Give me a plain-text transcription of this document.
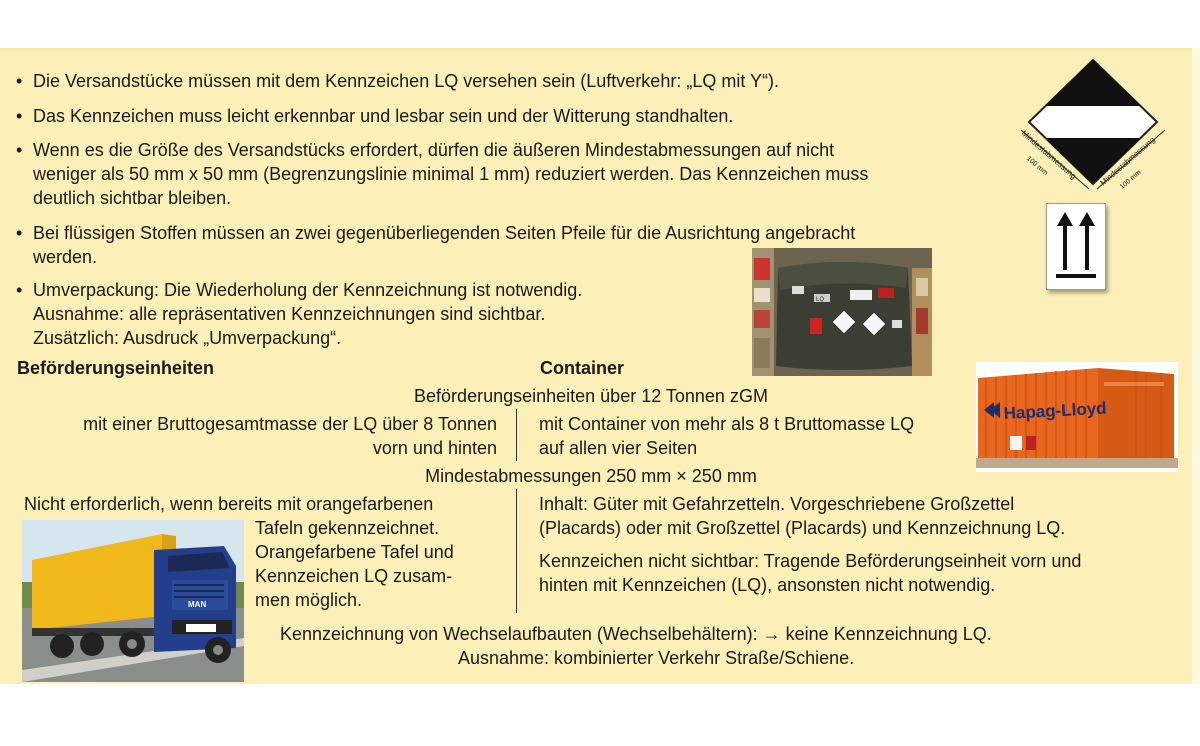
• Die Versandstücke müssen mit dem Kennzeichen LQ versehen sein (Luftverkehr: „LQ mit Y“).
• Das Kennzeichen muss leicht erkennbar und lesbar sein und der Witterung standhalten.
• Wenn es die Größe des Versandstücks erfordert, dürfen die äußeren Mindestabmessungen auf nicht
weniger als 50 mm x 50 mm (Begrenzungslinie minimal 1 mm) reduziert werden. Das Kennzeichen muss
deutlich sichtbar bleiben.
• Bei flüssigen Stoffen müssen an zwei gegenüberliegenden Seiten Pfeile für die Ausrichtung angebracht
werden.
• Umverpackung: Die Wiederholung der Kennzeichnung ist notwendig.
Ausnahme: alle repräsentativen Kennzeichnungen sind sichtbar.
Zusätzlich: Ausdruck „Umverpackung“.
Mindestabmessung
Mindestabmessung
100 mm
100 mm
LQ
Beförderungseinheiten	Container
Hapag-Lloyd
Beförderungseinheiten über 12 Tonnen zGM
mit einer Bruttogesamtmasse der LQ über 8 Tonnen
vorn und hinten
mit Container von mehr als 8 t Bruttomasse LQ
auf allen vier Seiten
Mindestabmessungen 250 mm × 250 mm
Nicht erforderlich, wenn bereits mit orangefarbenen
Tafeln gekennzeichnet.
Orangefarbene Tafel und
Kennzeichen LQ zusam-
men möglich.
Inhalt: Güter mit Gefahrzetteln. Vorgeschriebene Großzettel
(Placards) oder mit Großzettel (Placards) und Kennzeichnung LQ.
Kennzeichen nicht sichtbar: Tragende Beförderungseinheit vorn und
hinten mit Kennzeichen (LQ), ansonsten nicht notwendig.
MAN
Kennzeichnung von Wechselaufbauten (Wechselbehältern): → keine Kennzeichnung LQ.
Ausnahme: kombinierter Verkehr Straße/Schiene.
